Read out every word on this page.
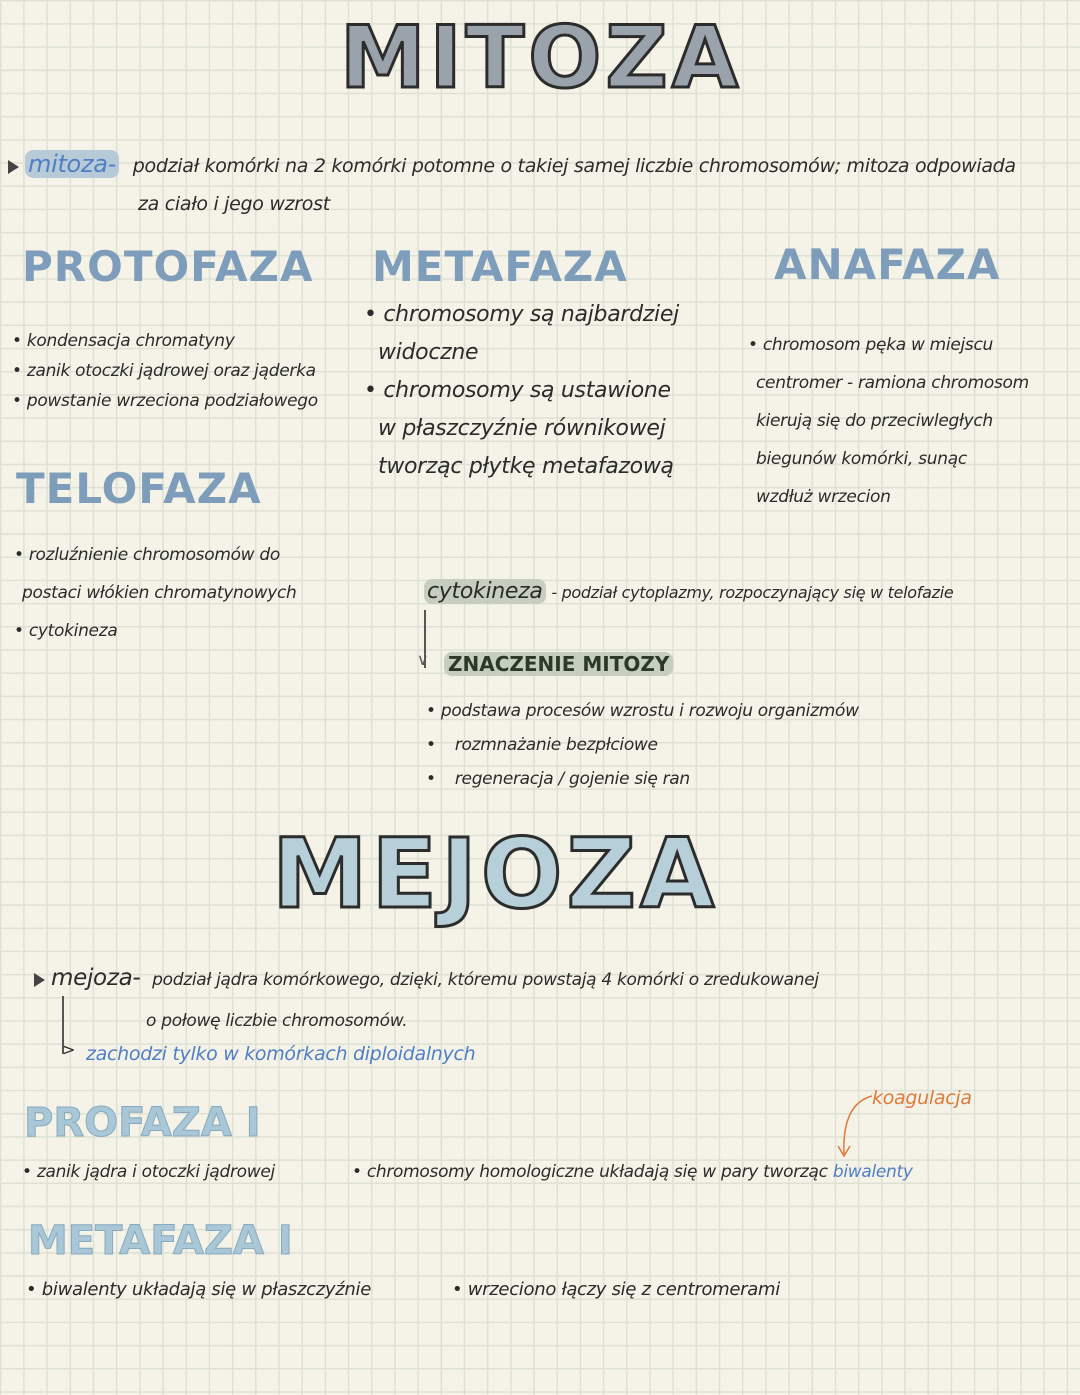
MITOZA
mitoza- podział komórki na 2 komórki potomne o takiej samej liczbie chromosomów; mitoza odpowiada
za ciało i jego wzrost
PROTOFAZA
• kondensacja chromatyny
• zanik otoczki jądrowej oraz jąderka
• powstanie wrzeciona podziałowego
METAFAZA
• chromosomy są najbardziej
widoczne
• chromosomy są ustawione
w płaszczyźnie równikowej
tworząc płytkę metafazową
ANAFAZA
• chromosom pęka w miejscu
centromer - ramiona chromosom
kierują się do przeciwległych
biegunów komórki, sunąc
wzdłuż wrzecion
TELOFAZA
• rozluźnienie chromosomów do
postaci włókien chromatynowych
• cytokineza
cytokineza - podział cytoplazmy, rozpoczynający się w telofazie
∨ ZNACZENIE MITOZY
• podstawa procesów wzrostu i rozwoju organizmów
• rozmnażanie bezpłciowe
• regeneracja / gojenie się ran
MEJOZA
mejoza- podział jądra komórkowego, dzięki, któremu powstają 4 komórki o zredukowanej
o połowę liczbie chromosomów.
> zachodzi tylko w komórkach diploidalnych
PROFAZA I
koagulacja
• zanik jądra i otoczki jądrowej	• chromosomy homologiczne układają się w pary tworząc biwalenty
METAFAZA I
• biwalenty układają się w płaszczyźnie	• wrzeciono łączy się z centromerami
